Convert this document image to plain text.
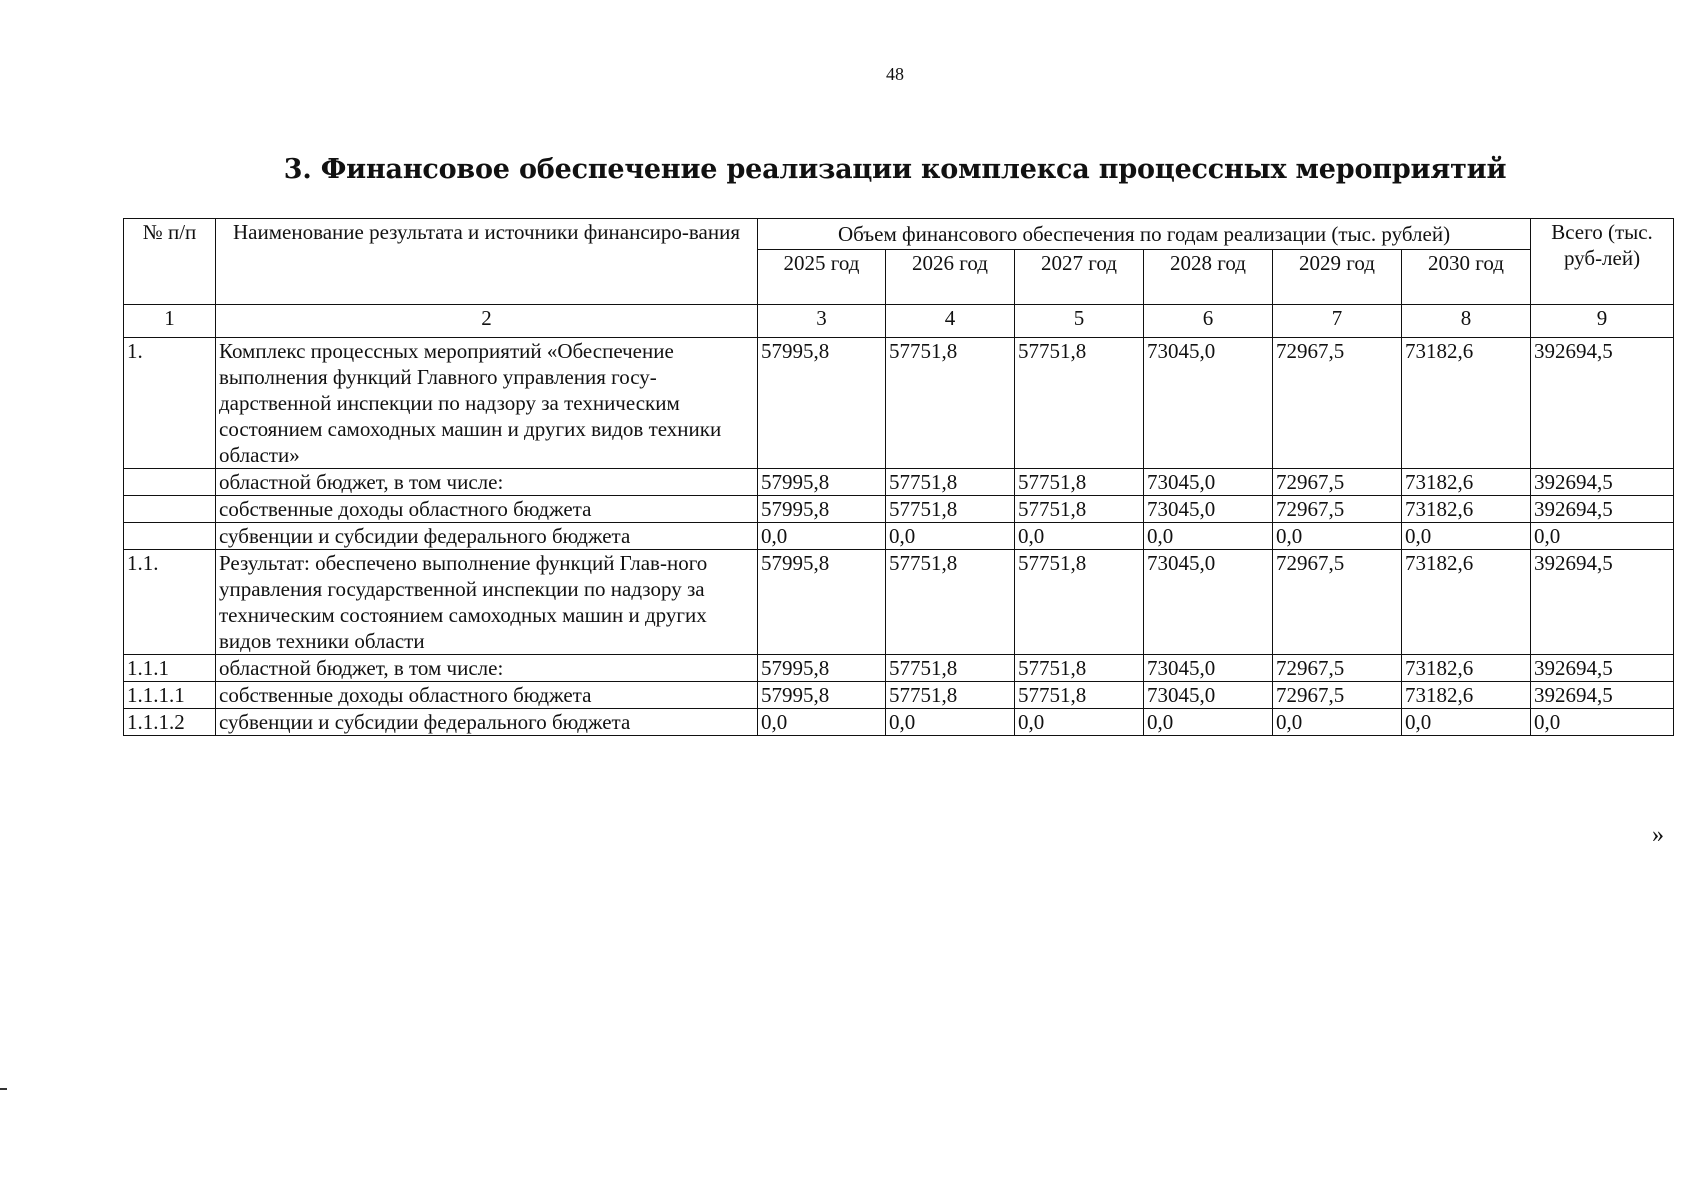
48
3. Финансовое обеспечение реализации комплекса процессных мероприятий
№ п/п	Наименование результата и источники финансиро-вания	Объем финансового обеспечения по годам реализации (тыс. рублей)						Всего (тыс. руб-лей)
		2025 год	2026 год	2027 год	2028 год	2029 год	2030 год	
1	2	3	4	5	6	7	8	9
1.	Комплекс процессных мероприятий «Обеспечение выполнения функций Главного управления госу-дарственной инспекции по надзору за техническим состоянием самоходных машин и других видов техники области»	57995,8	57751,8	57751,8	73045,0	72967,5	73182,6	392694,5
	областной бюджет, в том числе:	57995,8	57751,8	57751,8	73045,0	72967,5	73182,6	392694,5
	собственные доходы областного бюджета	57995,8	57751,8	57751,8	73045,0	72967,5	73182,6	392694,5
	субвенции и субсидии федерального бюджета	0,0	0,0	0,0	0,0	0,0	0,0	0,0
1.1.	Результат: обеспечено выполнение функций Глав-ного управления государственной инспекции по надзору за техническим состоянием самоходных машин и других видов техники области	57995,8	57751,8	57751,8	73045,0	72967,5	73182,6	392694,5
1.1.1	областной бюджет, в том числе:	57995,8	57751,8	57751,8	73045,0	72967,5	73182,6	392694,5
1.1.1.1	собственные доходы областного бюджета	57995,8	57751,8	57751,8	73045,0	72967,5	73182,6	392694,5
1.1.1.2	субвенции и субсидии федерального бюджета	0,0	0,0	0,0	0,0	0,0	0,0	0,0
»
